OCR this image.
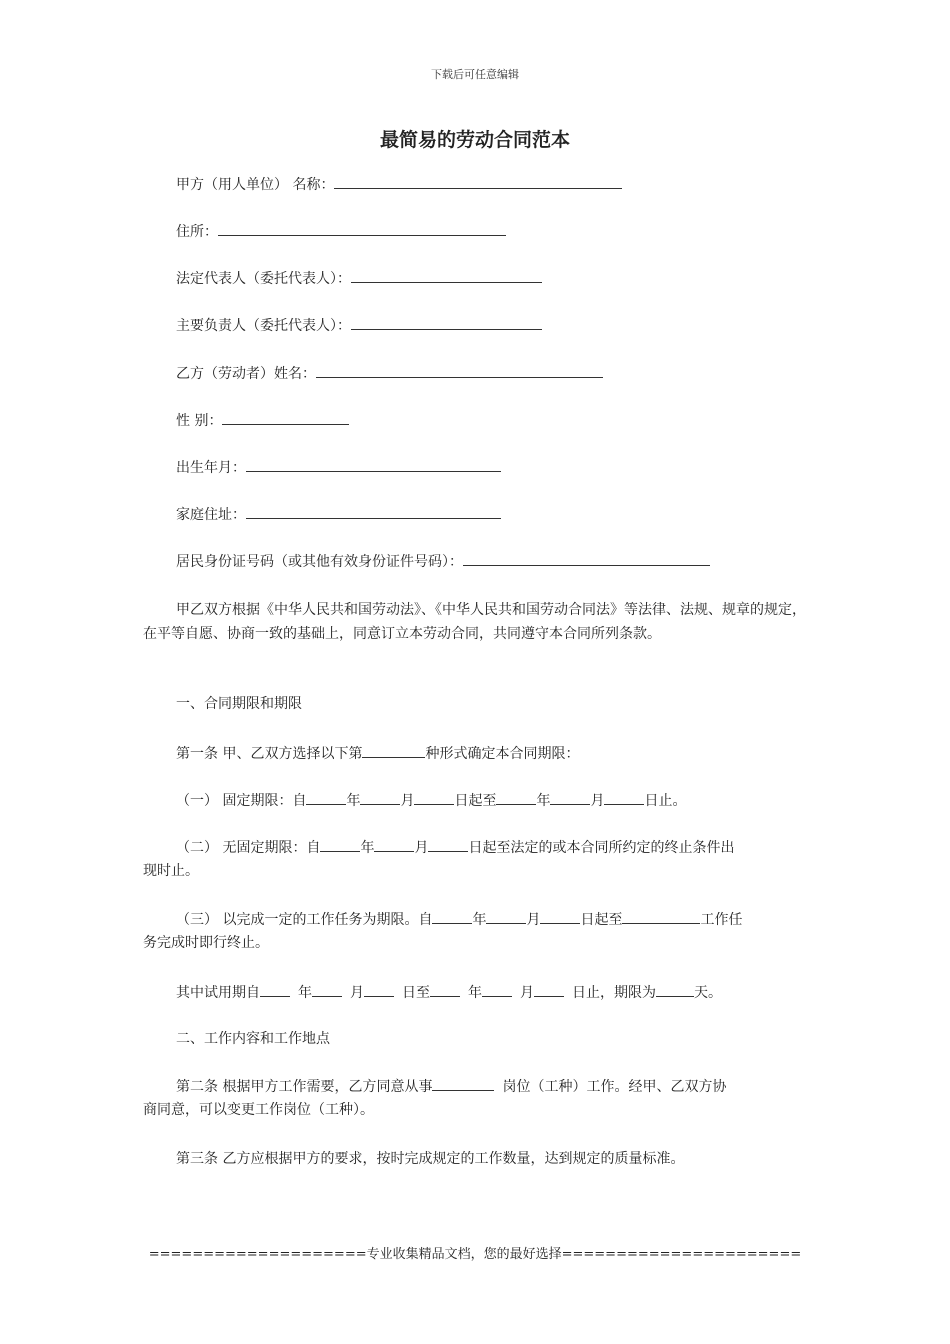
下载后可任意编辑
最简易的劳动合同范本
甲方（用人单位） 名称：
住所：
法定代表人（委托代表人）：
主要负责人（委托代表人）：
乙方（劳动者）姓名：
性 别：
出生年月：
家庭住址：
居民身份证号码（或其他有效身份证件号码）：
甲乙双方根据《中华人民共和国劳动法》、《中华人民共和国劳动合同法》等法律、法规、规章的规定，在平等自愿、协商一致的基础上，同意订立本劳动合同，共同遵守本合同所列条款。
一、合同期限和期限
第一条 甲、乙双方选择以下第	种形式确定本合同期限：
（一） 固定期限：自	年	月	日起至	年	月	日止。
（二） 无固定期限：自	年	月	日起至法定的或本合同所约定的终止条件出
现时止。
（三） 以完成一定的工作任务为期限。自	年	月	日起至	工作任
务完成时即行终止。
其中试用期自	年	月	日至	年	月	日止，期限为	天。
二、工作内容和工作地点
第二条 根据甲方工作需要，乙方同意从事	岗位（工种）工作。经甲、乙双方协
商同意，可以变更工作岗位（工种）。
第三条 乙方应根据甲方的要求，按时完成规定的工作数量，达到规定的质量标准。
====================专业收集精品文档，您的最好选择======================
